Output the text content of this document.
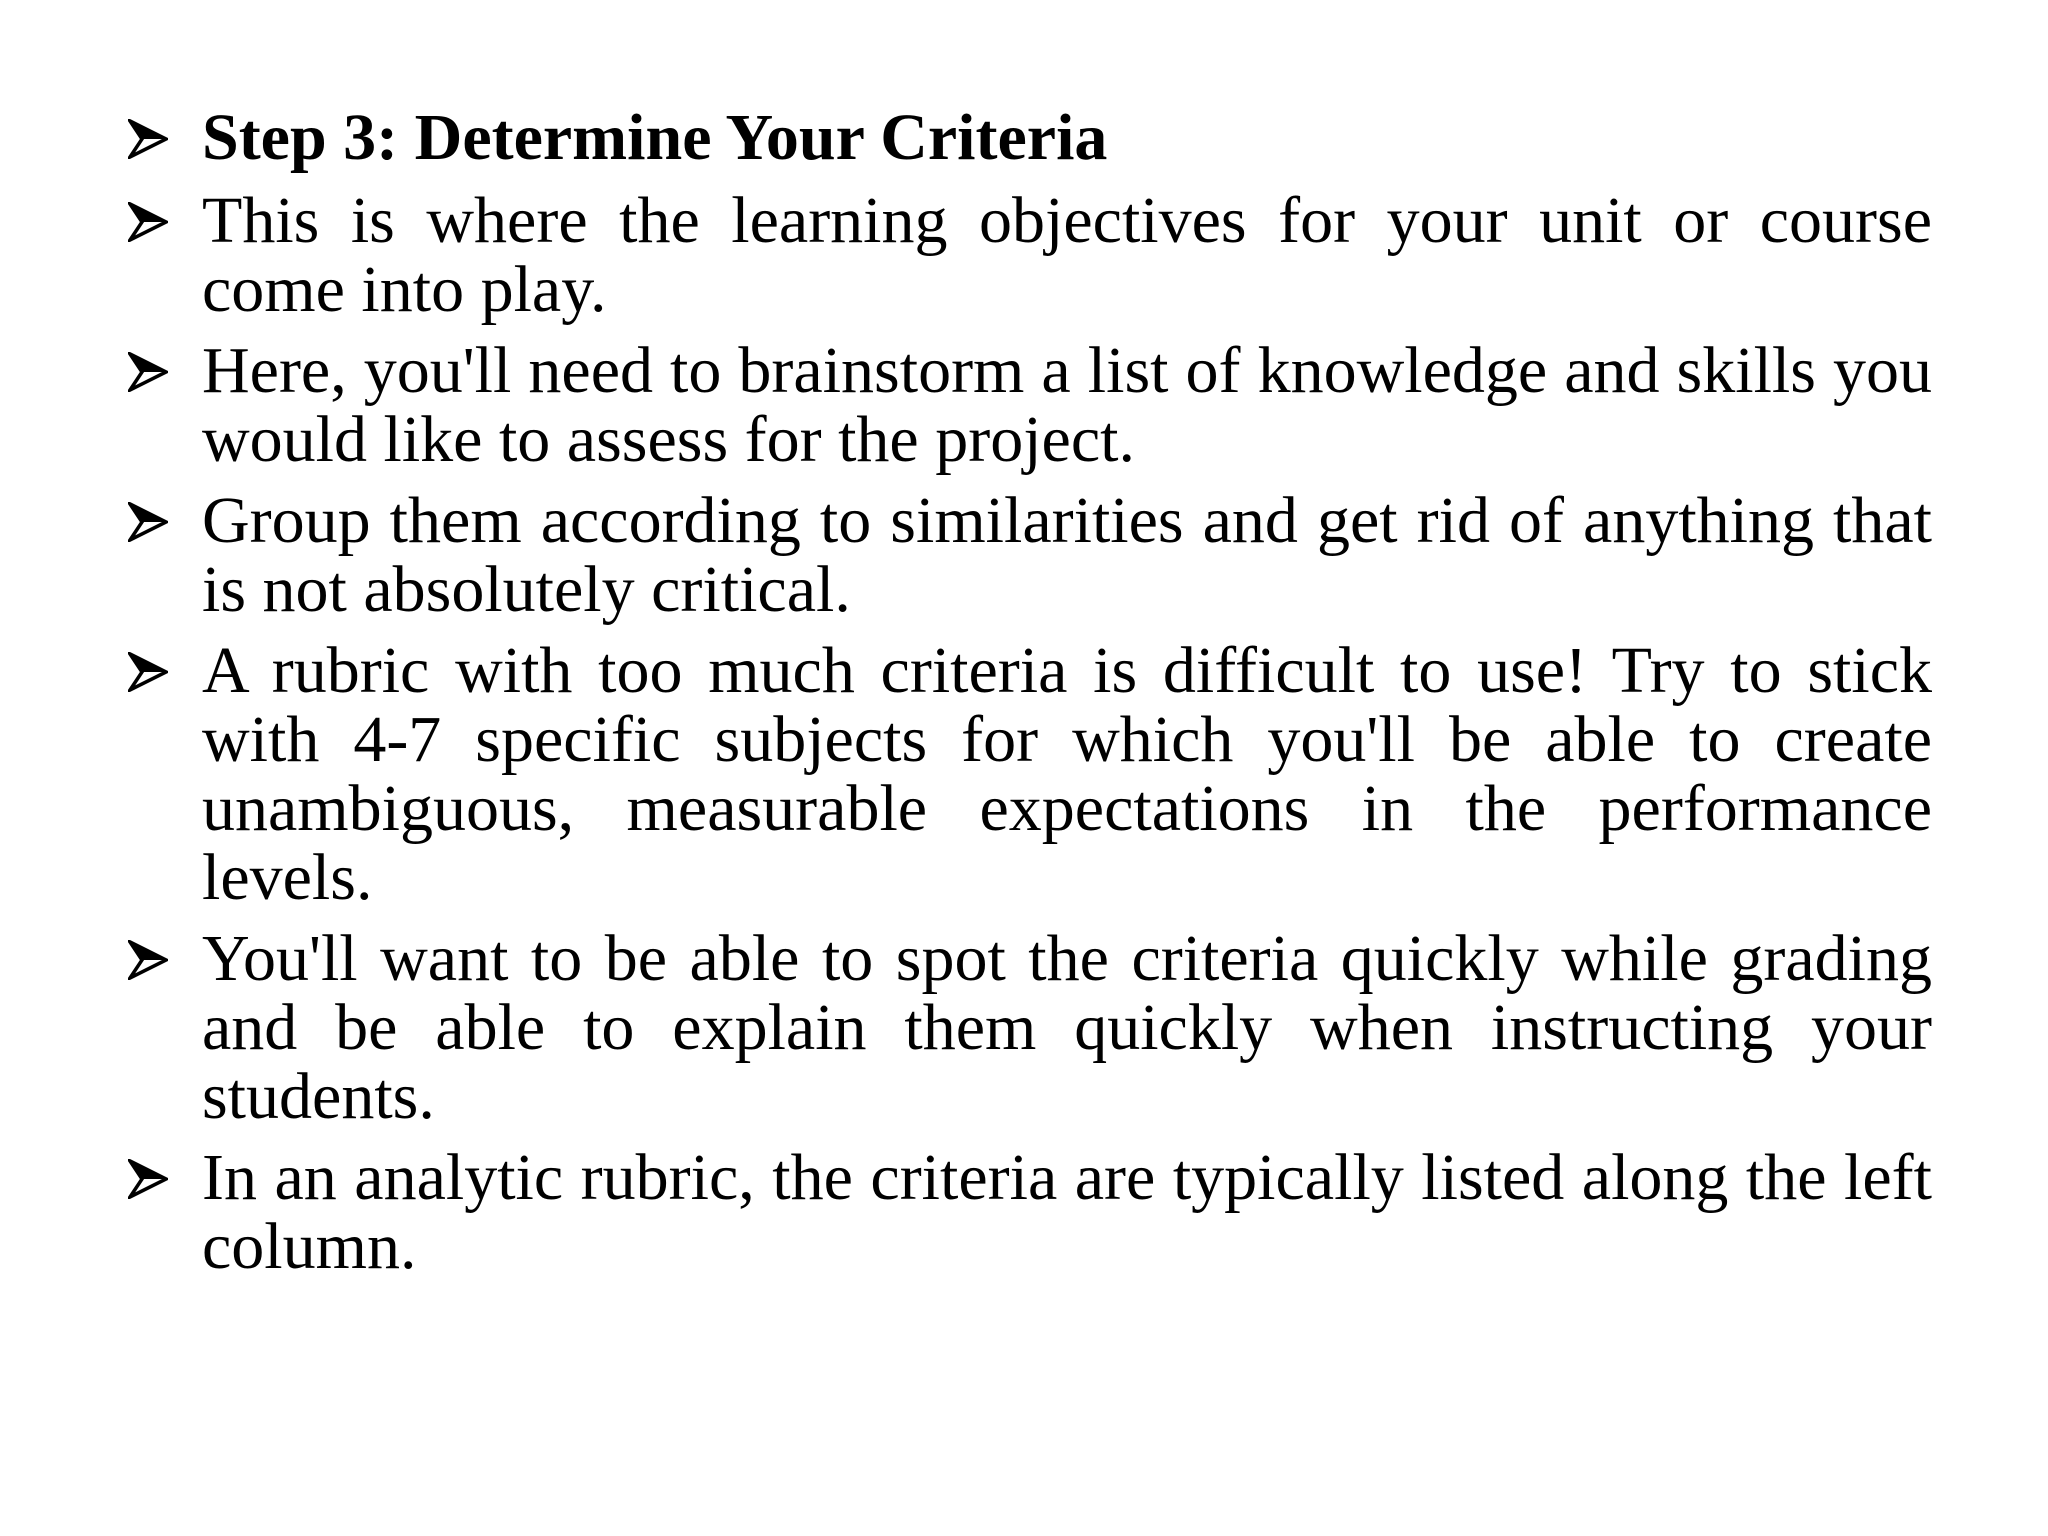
Step 3: Determine Your Criteria
This is where the learning objectives for your unit or course come into play.
Here, you'll need to brainstorm a list of knowledge and skills you would like to assess for the project.
Group them according to similarities and get rid of anything that is not absolutely critical.
A rubric with too much criteria is difficult to use! Try to stick with 4-7 specific subjects for which you'll be able to create unambiguous, measurable expectations in the performance levels.
You'll want to be able to spot the criteria quickly while grading and be able to explain them quickly when instructing your students.
In an analytic rubric, the criteria are typically listed along the left column.
